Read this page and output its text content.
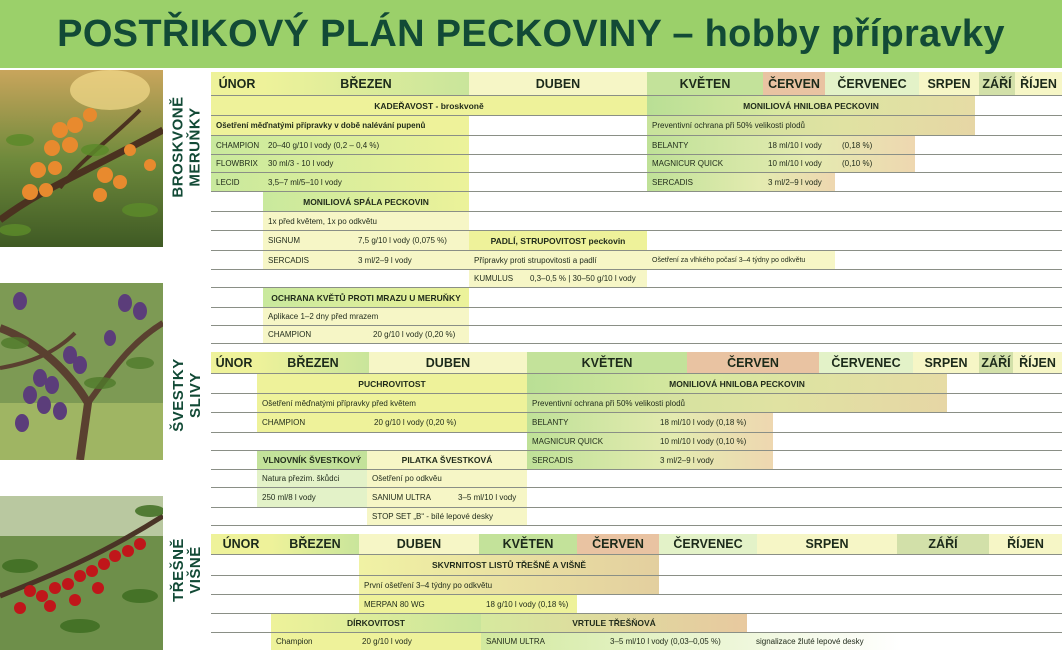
POSTŘIKOVÝ PLÁN PECKOVINY – hobby přípravky
BROSKVONĚ MERUŇKY
ŠVESTKY SLIVY
TŘEŠNĚ VIŠNĚ
ÚNOR	BŘEZEN	DUBEN	KVĚTEN	ČERVEN	ČERVENEC	SRPEN ZÁŘÍ ŘÍJEN
KADEŘAVOST - broskvoně	MONILIOVÁ HNILOBA PECKOVIN
Ošetření měďnatými přípravky v době nalévání pupenů	Preventivní ochrana při 50% velikosti plodů
CHAMPION	20–40 g/10 l vody (0,2 – 0,4 %)	BELANTY	18 ml/10 l vody	(0,18 %)
FLOWBRIX	30 ml/3 - 10 l vody	MAGNICUR QUICK	10 ml/10 l vody	(0,10 %)
LECID	3,5–7 ml/5–10 l vody	SERCADIS	3 ml/2–9 l vody
MONILIOVÁ SPÁLA PECKOVIN
1x před květem, 1x po odkvětu
SIGNUM	7,5 g/10 l vody (0,075 %)	PADLÍ, STRUPOVITOST peckovin
SERCADIS	3 ml/2–9 l vody	Přípravky proti strupovitosti a padlí	Ošetření za vlhkého počasí 3–4 týdny po odkvětu
KUMULUS	0,3–0,5 % | 30–50 g/10 l vody
OCHRANA KVĚTŮ PROTI MRAZU U MERUŇKY
Aplikace 1–2 dny před mrazem
CHAMPION	20 g/10 l vody (0,20 %)
ÚNOR	BŘEZEN	DUBEN	KVĚTEN	ČERVEN	ČERVENEC	SRPEN	ZÁŘÍ ŘÍJEN
PUCHROVITOST	MONILIOVÁ HNILOBA PECKOVIN
Ošetření měďnatými přípravky před květem	Preventivní ochrana při 50% velikosti plodů
CHAMPION	20 g/10 l vody (0,20 %)	BELANTY	18 ml/10 l vody (0,18 %)
MAGNICUR QUICK	10 ml/10 l vody (0,10 %)
VLNOVNÍK ŠVESTKOVÝ	PILATKA ŠVESTKOVÁ	SERCADIS	3 ml/2–9 l vody
Natura přezim. škůdci	Ošetření po odkvěu
250 ml/8 l vody	SANIUM ULTRA	3–5 ml/10 l vody
STOP SET „B“ - bílé lepové desky
ÚNOR	BŘEZEN	DUBEN	KVĚTEN	ČERVEN	ČERVENEC	SRPEN	ZÁŘÍ	ŘÍJEN
SKVRNITOST LISTŮ TŘEŠNĚ A VIŠNĚ
První ošetření 3–4 týdny po odkvětu
MERPAN 80 WG	18 g/10 l vody (0,18 %)
DÍRKOVITOST	VRTULE TŘEŠŇOVÁ
Champion	20 g/10 l vody	SANIUM ULTRA	3–5 ml/10 l vody (0,03–0,05 %)	signalizace žluté lepové desky
